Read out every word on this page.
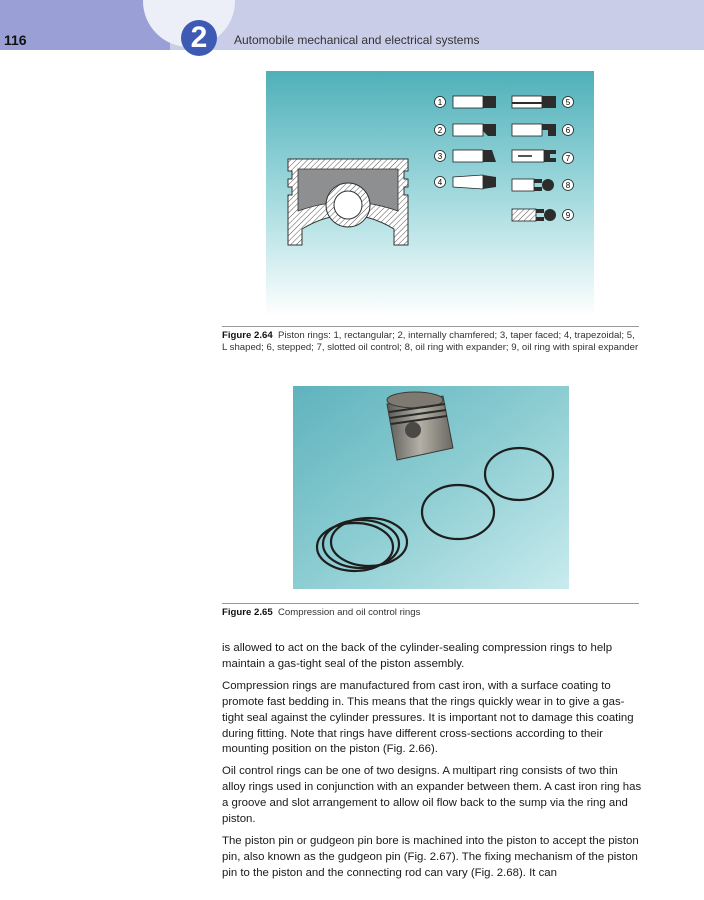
2
116	Automobile mechanical and electrical systems
1
2
3
4
5
6
7
8
9
Figure 2.64 Piston rings: 1, rectangular; 2, internally chamfered; 3, taper faced; 4, trapezoidal; 5, L shaped; 6, stepped; 7, slotted oil control; 8, oil ring with expander; 9, oil ring with spiral expander
Figure 2.65 Compression and oil control rings

is allowed to act on the back of the cylinder-sealing compression rings to help maintain a gas-tight seal of the piston assembly.

Compression rings are manufactured from cast iron, with a surface coating to promote fast bedding in. This means that the rings quickly wear in to give a gas-tight seal against the cylinder pressures. It is important not to damage this coating during fitting. Note that rings have different cross-sections according to their mounting position on the piston (Fig. 2.66).

Oil control rings can be one of two designs. A multipart ring consists of two thin alloy rings used in conjunction with an expander between them. A cast iron ring has a groove and slot arrangement to allow oil flow back to the sump via the ring and piston.

The piston pin or gudgeon pin bore is machined into the piston to accept the piston pin, also known as the gudgeon pin (Fig. 2.67). The fixing mechanism of the piston pin to the piston and the connecting rod can vary (Fig. 2.68). It can
